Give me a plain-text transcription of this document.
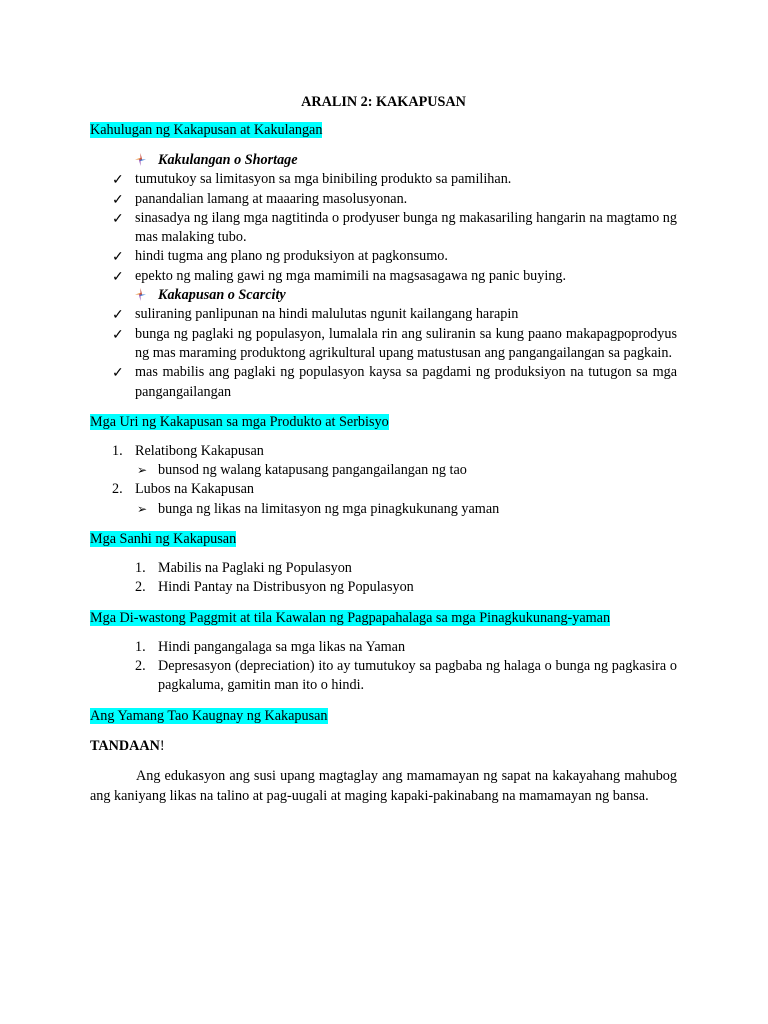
ARALIN 2: KAKAPUSAN
Kahulugan ng Kakapusan at Kakulangan
Kakulangan o Shortage
✓ tumutukoy sa limitasyon sa mga binibiling produkto sa pamilihan.
✓ panandalian lamang at maaaring masolusyonan.
✓ sinasadya ng ilang mga nagtitinda o prodyuser bunga ng makasariling hangarin na magtamo ng mas malaking tubo.
✓ hindi tugma ang plano ng produksiyon at pagkonsumo.
✓ epekto ng maling gawi ng mga mamimili na magsasagawa ng panic buying.
Kakapusan o Scarcity
✓ suliraning panlipunan na hindi malulutas ngunit kailangang harapin
✓ bunga ng paglaki ng populasyon, lumalala rin ang suliranin sa kung paano makapagpoprodyus ng mas maraming produktong agrikultural upang matustusan ang pangangailangan sa pagkain.
✓ mas mabilis ang paglaki ng populasyon kaysa sa pagdami ng produksiyon na tutugon sa mga pangangailangan
Mga Uri ng Kakapusan sa mga Produkto at Serbisyo
1. Relatibong Kakapusan
➢ bunsod ng walang katapusang pangangailangan ng tao
2. Lubos na Kakapusan
➢ bunga ng likas na limitasyon ng mga pinagkukunang yaman
Mga Sanhi ng Kakapusan
1. Mabilis na Paglaki ng Populasyon
2. Hindi Pantay na Distribusyon ng Populasyon
Mga Di-wastong Paggmit at tila Kawalan ng Pagpapahalaga sa mga Pinagkukunang-yaman
1. Hindi pangangalaga sa mga likas na Yaman
2. Depresasyon (depreciation) ito ay tumutukoy sa pagbaba ng halaga o bunga ng pagkasira o pagkaluma, gamitin man ito o hindi.
Ang Yamang Tao Kaugnay ng Kakapusan

TANDAAN!

Ang edukasyon ang susi upang magtaglay ang mamamayan ng sapat na kakayahang mahubog ang kaniyang likas na talino at pag-uugali at maging kapaki-pakinabang na mamamayan ng bansa.
